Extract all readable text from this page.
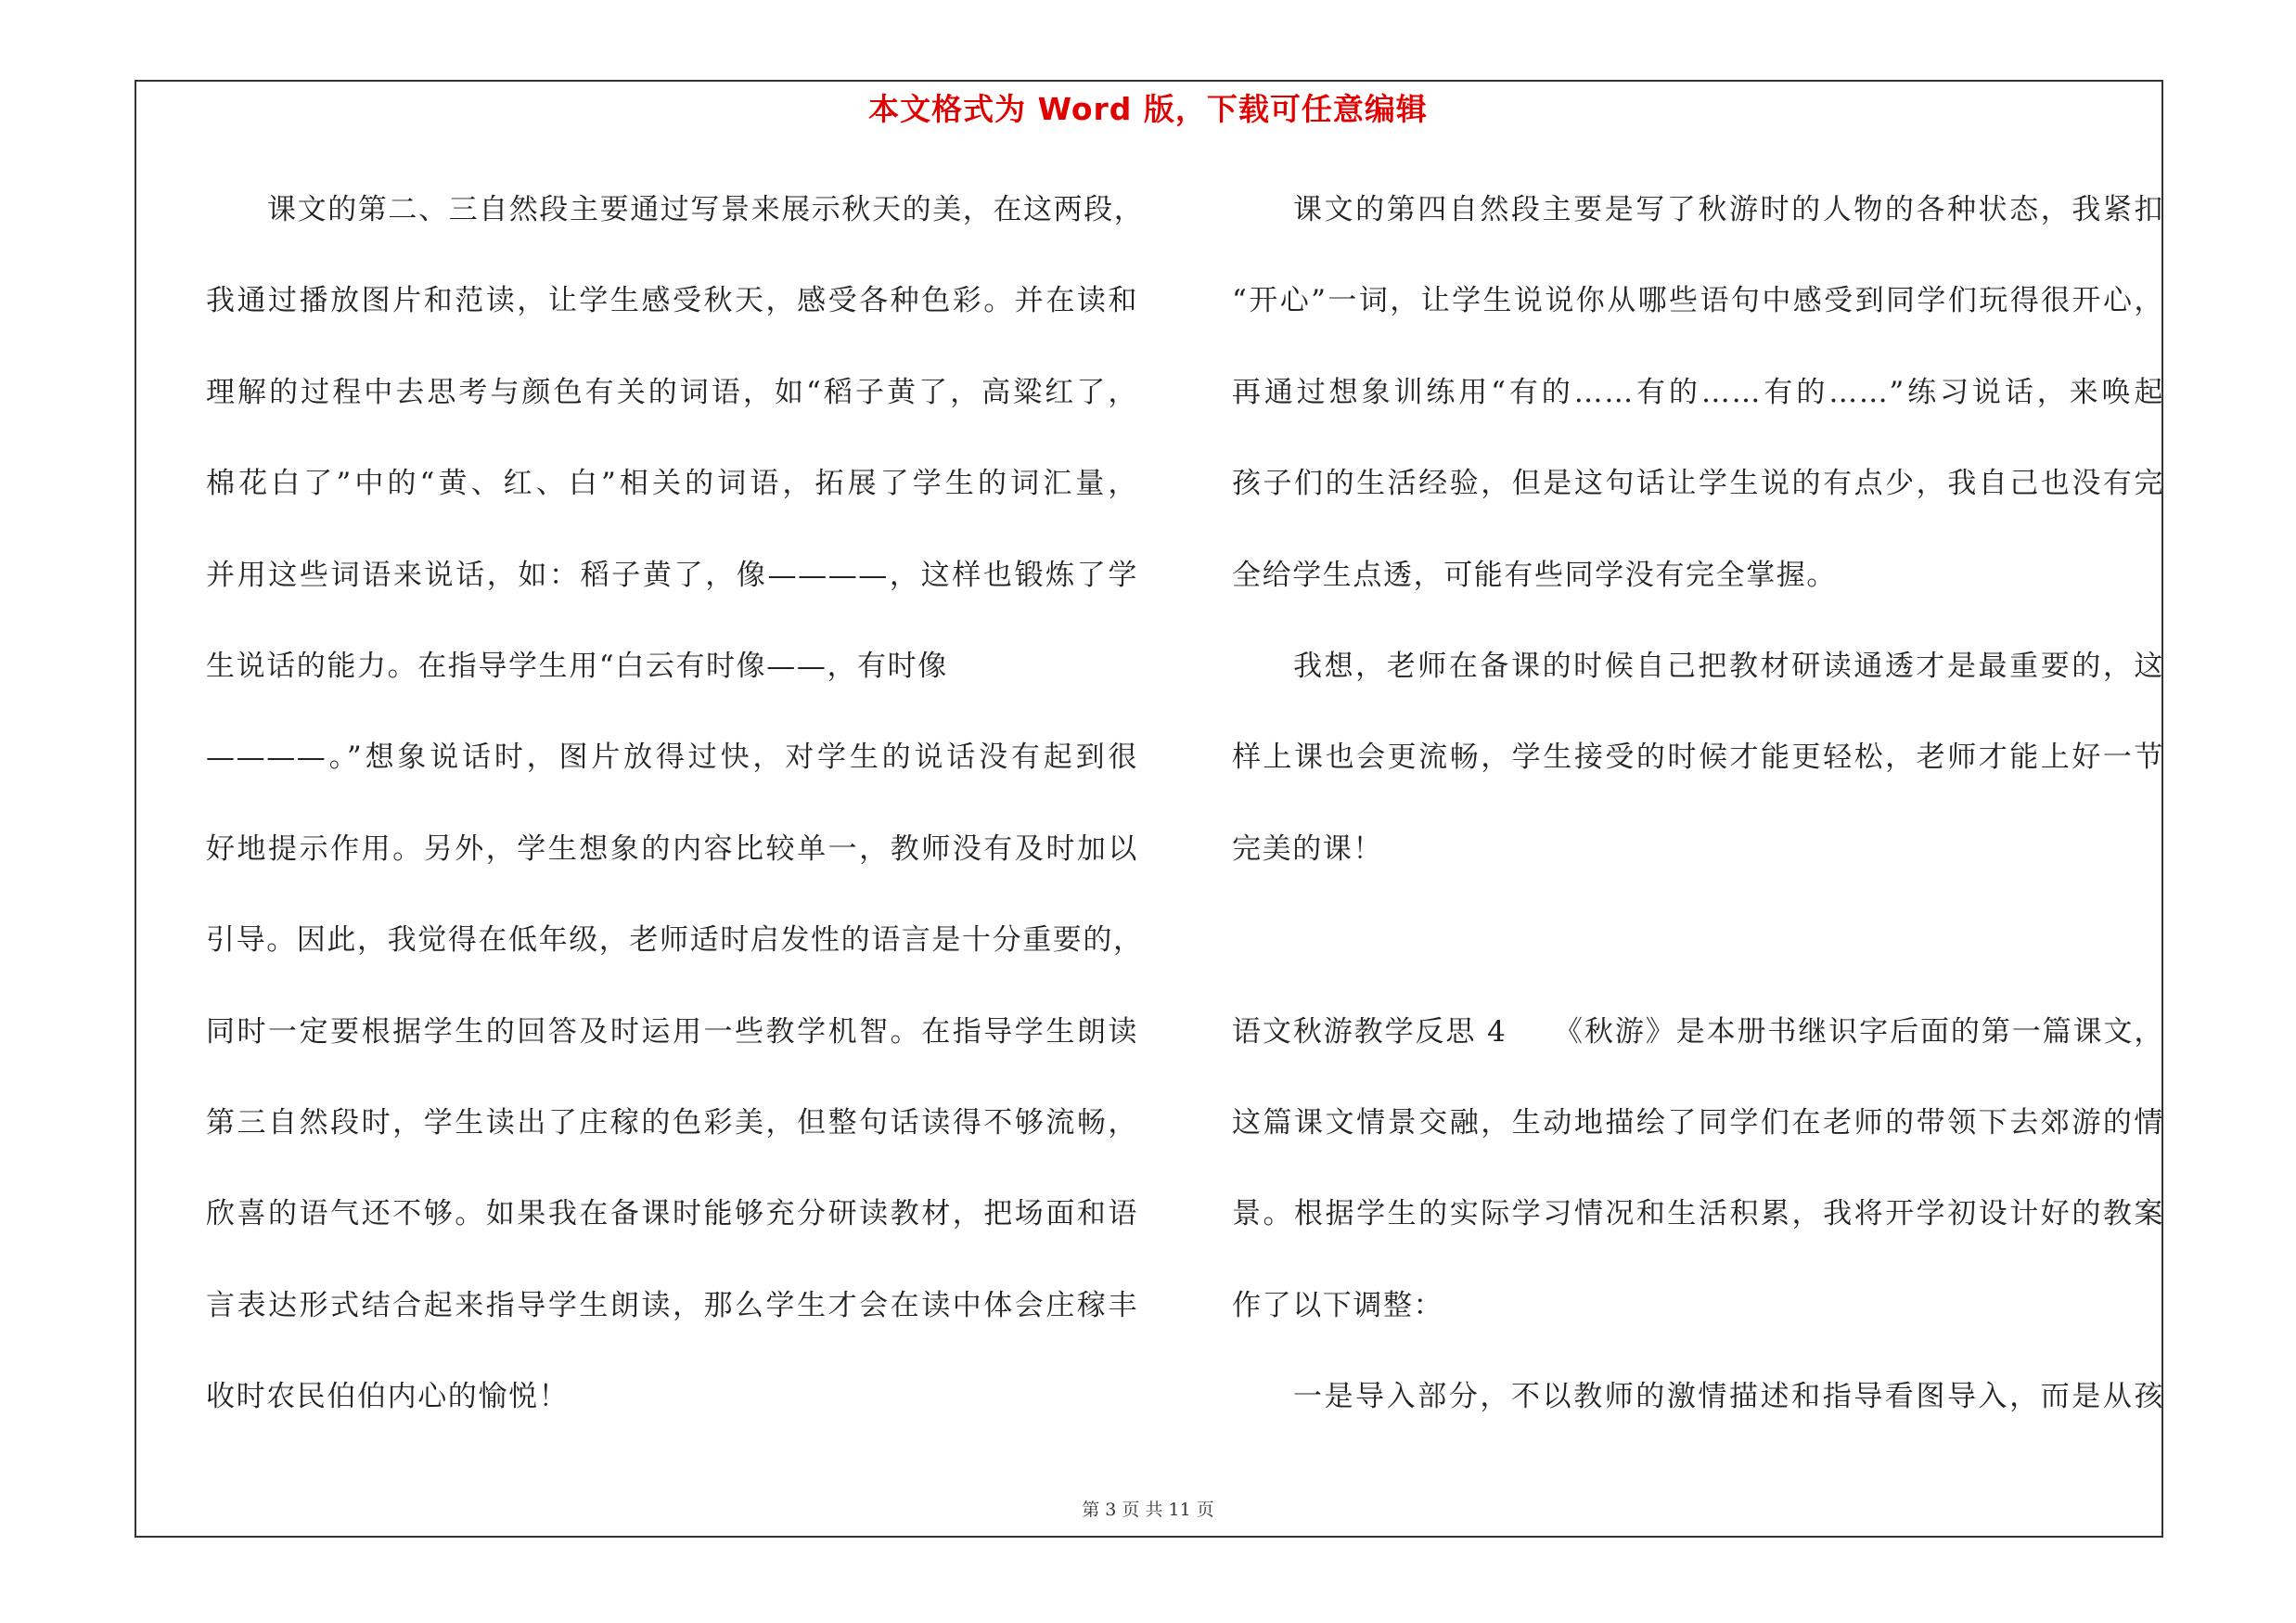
本文格式为 Word 版，下载可任意编辑
课文的第二、三自然段主要通过写景来展示秋天的美，在这两段，
我通过播放图片和范读，让学生感受秋天，感受各种色彩。并在读和
理解的过程中去思考与颜色有关的词语，如“稻子黄了，高粱红了，
棉花白了”中的“黄、红、白”相关的词语，拓展了学生的词汇量，
并用这些词语来说话，如：稻子黄了，像————，这样也锻炼了学
生说话的能力。在指导学生用“白云有时像——，有时像
————。”想象说话时，图片放得过快，对学生的说话没有起到很
好地提示作用。另外，学生想象的内容比较单一，教师没有及时加以
引导。因此，我觉得在低年级，老师适时启发性的语言是十分重要的，
同时一定要根据学生的回答及时运用一些教学机智。在指导学生朗读
第三自然段时，学生读出了庄稼的色彩美，但整句话读得不够流畅，
欣喜的语气还不够。如果我在备课时能够充分研读教材，把场面和语
言表达形式结合起来指导学生朗读，那么学生才会在读中体会庄稼丰
收时农民伯伯内心的愉悦！
课文的第四自然段主要是写了秋游时的人物的各种状态，我紧扣
“开心”一词，让学生说说你从哪些语句中感受到同学们玩得很开心，
再通过想象训练用“有的……有的……有的……”练习说话，来唤起
孩子们的生活经验，但是这句话让学生说的有点少，我自己也没有完
全给学生点透，可能有些同学没有完全掌握。
我想，老师在备课的时候自己把教材研读通透才是最重要的，这
样上课也会更流畅，学生接受的时候才能更轻松，老师才能上好一节
完美的课！
语文秋游教学反思 4　　《秋游》是本册书继识字后面的第一篇课文，
这篇课文情景交融，生动地描绘了同学们在老师的带领下去郊游的情
景。根据学生的实际学习情况和生活积累，我将开学初设计好的教案
作了以下调整：
一是导入部分，不以教师的激情描述和指导看图导入，而是从孩
第 3 页 共 11 页
